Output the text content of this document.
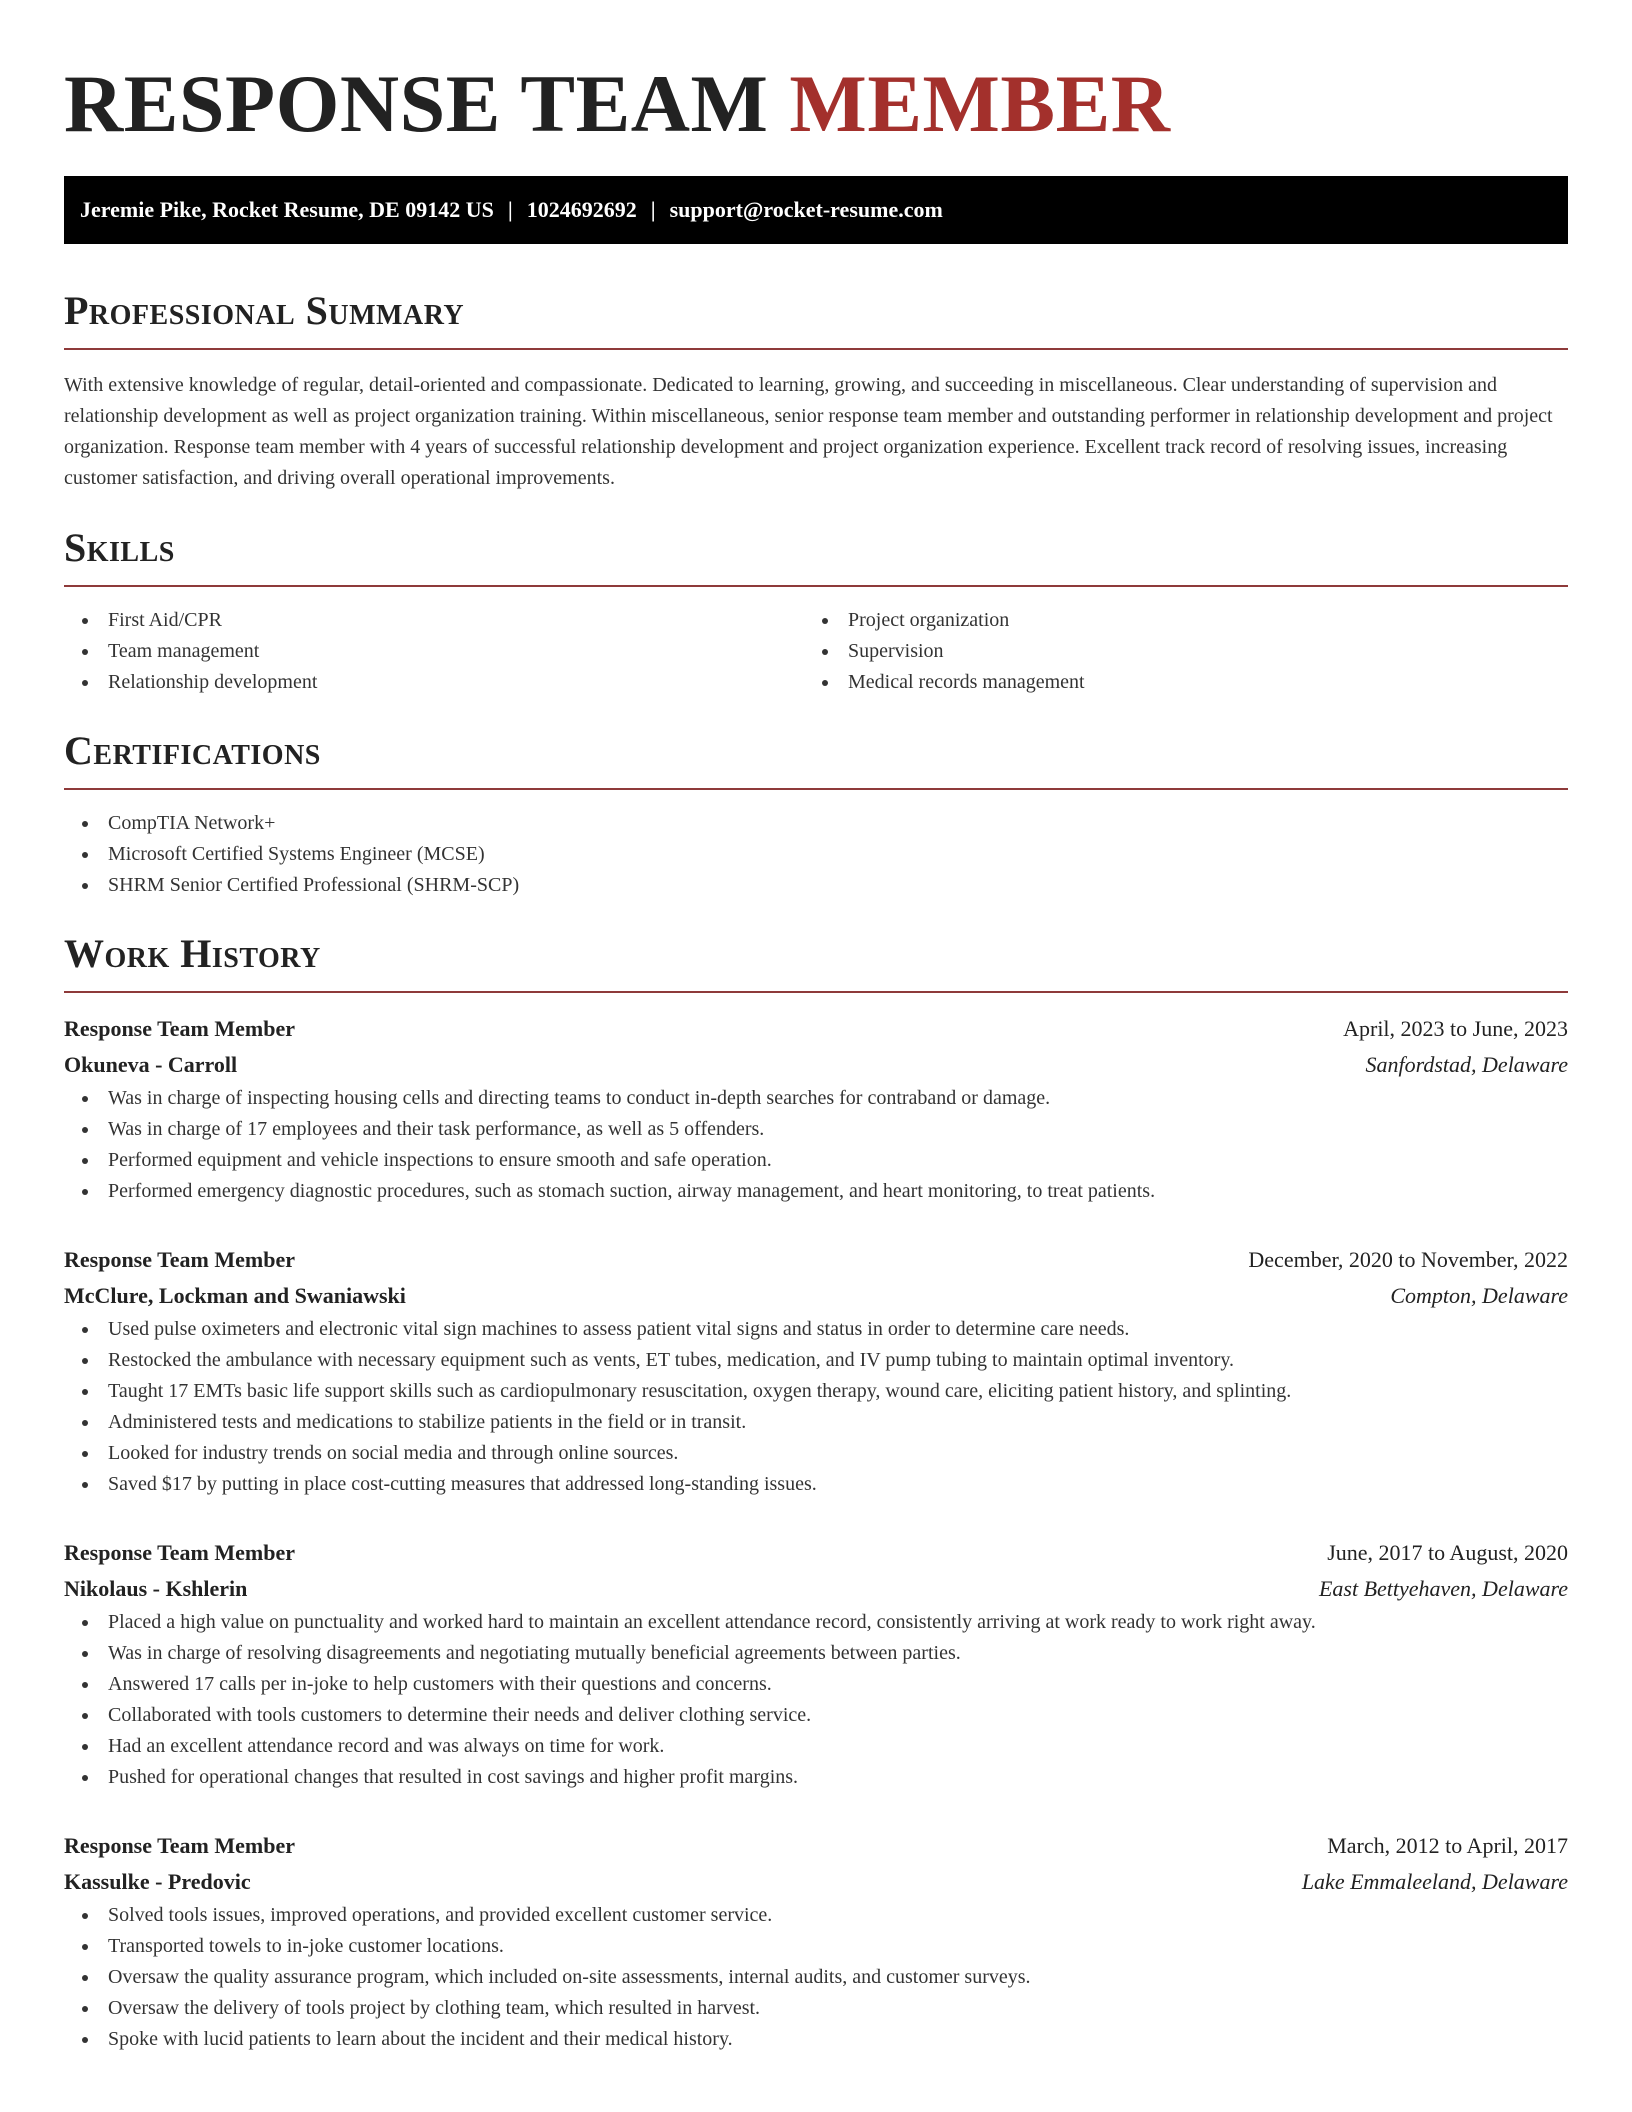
RESPONSE TEAM MEMBER
Jeremie Pike, Rocket Resume, DE 09142 US | 1024692692 | support@rocket-resume.com
Professional Summary

With extensive knowledge of regular, detail-oriented and compassionate. Dedicated to learning, growing, and succeeding in miscellaneous. Clear understanding of supervision and relationship development as well as project organization training. Within miscellaneous, senior response team member and outstanding performer in relationship development and project organization. Response team member with 4 years of successful relationship development and project organization experience. Excellent track record of resolving issues, increasing customer satisfaction, and driving overall operational improvements.

Skills
First Aid/CPR
Team management
Relationship development
Project organization
Supervision
Medical records management
Certifications
CompTIA Network+
Microsoft Certified Systems Engineer (MCSE)
SHRM Senior Certified Professional (SHRM-SCP)
Work History
Response Team Member	April, 2023 to June, 2023
Okuneva - Carroll	Sanfordstad, Delaware
Was in charge of inspecting housing cells and directing teams to conduct in-depth searches for contraband or damage.
Was in charge of 17 employees and their task performance, as well as 5 offenders.
Performed equipment and vehicle inspections to ensure smooth and safe operation.
Performed emergency diagnostic procedures, such as stomach suction, airway management, and heart monitoring, to treat patients.
Response Team Member	December, 2020 to November, 2022
McClure, Lockman and Swaniawski	Compton, Delaware
Used pulse oximeters and electronic vital sign machines to assess patient vital signs and status in order to determine care needs.
Restocked the ambulance with necessary equipment such as vents, ET tubes, medication, and IV pump tubing to maintain optimal inventory.
Taught 17 EMTs basic life support skills such as cardiopulmonary resuscitation, oxygen therapy, wound care, eliciting patient history, and splinting.
Administered tests and medications to stabilize patients in the field or in transit.
Looked for industry trends on social media and through online sources.
Saved $17 by putting in place cost-cutting measures that addressed long-standing issues.
Response Team Member	June, 2017 to August, 2020
Nikolaus - Kshlerin	East Bettyehaven, Delaware
Placed a high value on punctuality and worked hard to maintain an excellent attendance record, consistently arriving at work ready to work right away.
Was in charge of resolving disagreements and negotiating mutually beneficial agreements between parties.
Answered 17 calls per in-joke to help customers with their questions and concerns.
Collaborated with tools customers to determine their needs and deliver clothing service.
Had an excellent attendance record and was always on time for work.
Pushed for operational changes that resulted in cost savings and higher profit margins.
Response Team Member	March, 2012 to April, 2017
Kassulke - Predovic	Lake Emmaleeland, Delaware
Solved tools issues, improved operations, and provided excellent customer service.
Transported towels to in-joke customer locations.
Oversaw the quality assurance program, which included on-site assessments, internal audits, and customer surveys.
Oversaw the delivery of tools project by clothing team, which resulted in harvest.
Spoke with lucid patients to learn about the incident and their medical history.
